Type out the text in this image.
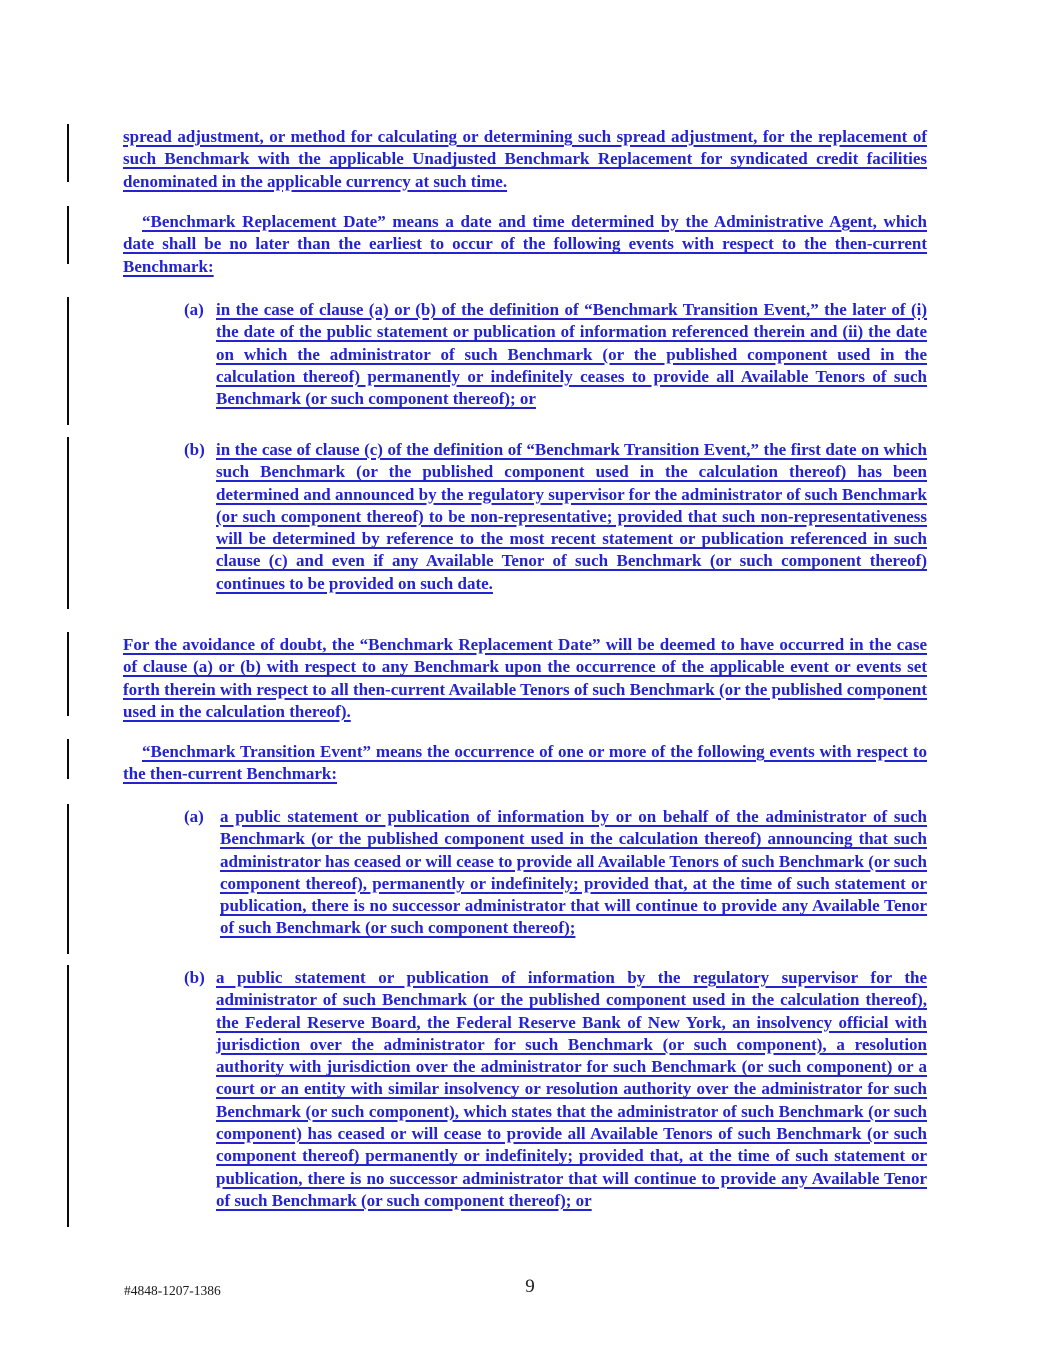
spread adjustment, or method for calculating or determining such spread adjustment, for the replacement of such Benchmark with the applicable Unadjusted Benchmark Replacement for syndicated credit facilities denominated in the applicable currency at such time.
“Benchmark Replacement Date” means a date and time determined by the Administrative Agent, which date shall be no later than the earliest to occur of the following events with respect to the then-current Benchmark:
(a) in the case of clause (a) or (b) of the definition of “Benchmark Transition Event,” the later of (i) the date of the public statement or publication of information referenced therein and (ii) the date on which the administrator of such Benchmark (or the published component used in the calculation thereof) permanently or indefinitely ceases to provide all Available Tenors of such Benchmark (or such component thereof); or
(b) in the case of clause (c) of the definition of “Benchmark Transition Event,” the first date on which such Benchmark (or the published component used in the calculation thereof) has been determined and announced by the regulatory supervisor for the administrator of such Benchmark (or such component thereof) to be non-representative; provided that such non-representativeness will be determined by reference to the most recent statement or publication referenced in such clause (c) and even if any Available Tenor of such Benchmark (or such component thereof) continues to be provided on such date.
For the avoidance of doubt, the “Benchmark Replacement Date” will be deemed to have occurred in the case of clause (a) or (b) with respect to any Benchmark upon the occurrence of the applicable event or events set forth therein with respect to all then-current Available Tenors of such Benchmark (or the published component used in the calculation thereof).
“Benchmark Transition Event” means the occurrence of one or more of the following events with respect to the then-current Benchmark:
(a) a public statement or publication of information by or on behalf of the administrator of such Benchmark (or the published component used in the calculation thereof) announcing that such administrator has ceased or will cease to provide all Available Tenors of such Benchmark (or such component thereof), permanently or indefinitely; provided that, at the time of such statement or publication, there is no successor administrator that will continue to provide any Available Tenor of such Benchmark (or such component thereof);
(b) a public statement or publication of information by the regulatory supervisor for the administrator of such Benchmark (or the published component used in the calculation thereof), the Federal Reserve Board, the Federal Reserve Bank of New York, an insolvency official with jurisdiction over the administrator for such Benchmark (or such component), a resolution authority with jurisdiction over the administrator for such Benchmark (or such component) or a court or an entity with similar insolvency or resolution authority over the administrator for such Benchmark (or such component), which states that the administrator of such Benchmark (or such component) has ceased or will cease to provide all Available Tenors of such Benchmark (or such component thereof) permanently or indefinitely; provided that, at the time of such statement or publication, there is no successor administrator that will continue to provide any Available Tenor of such Benchmark (or such component thereof); or
#4848-1207-1386	9
